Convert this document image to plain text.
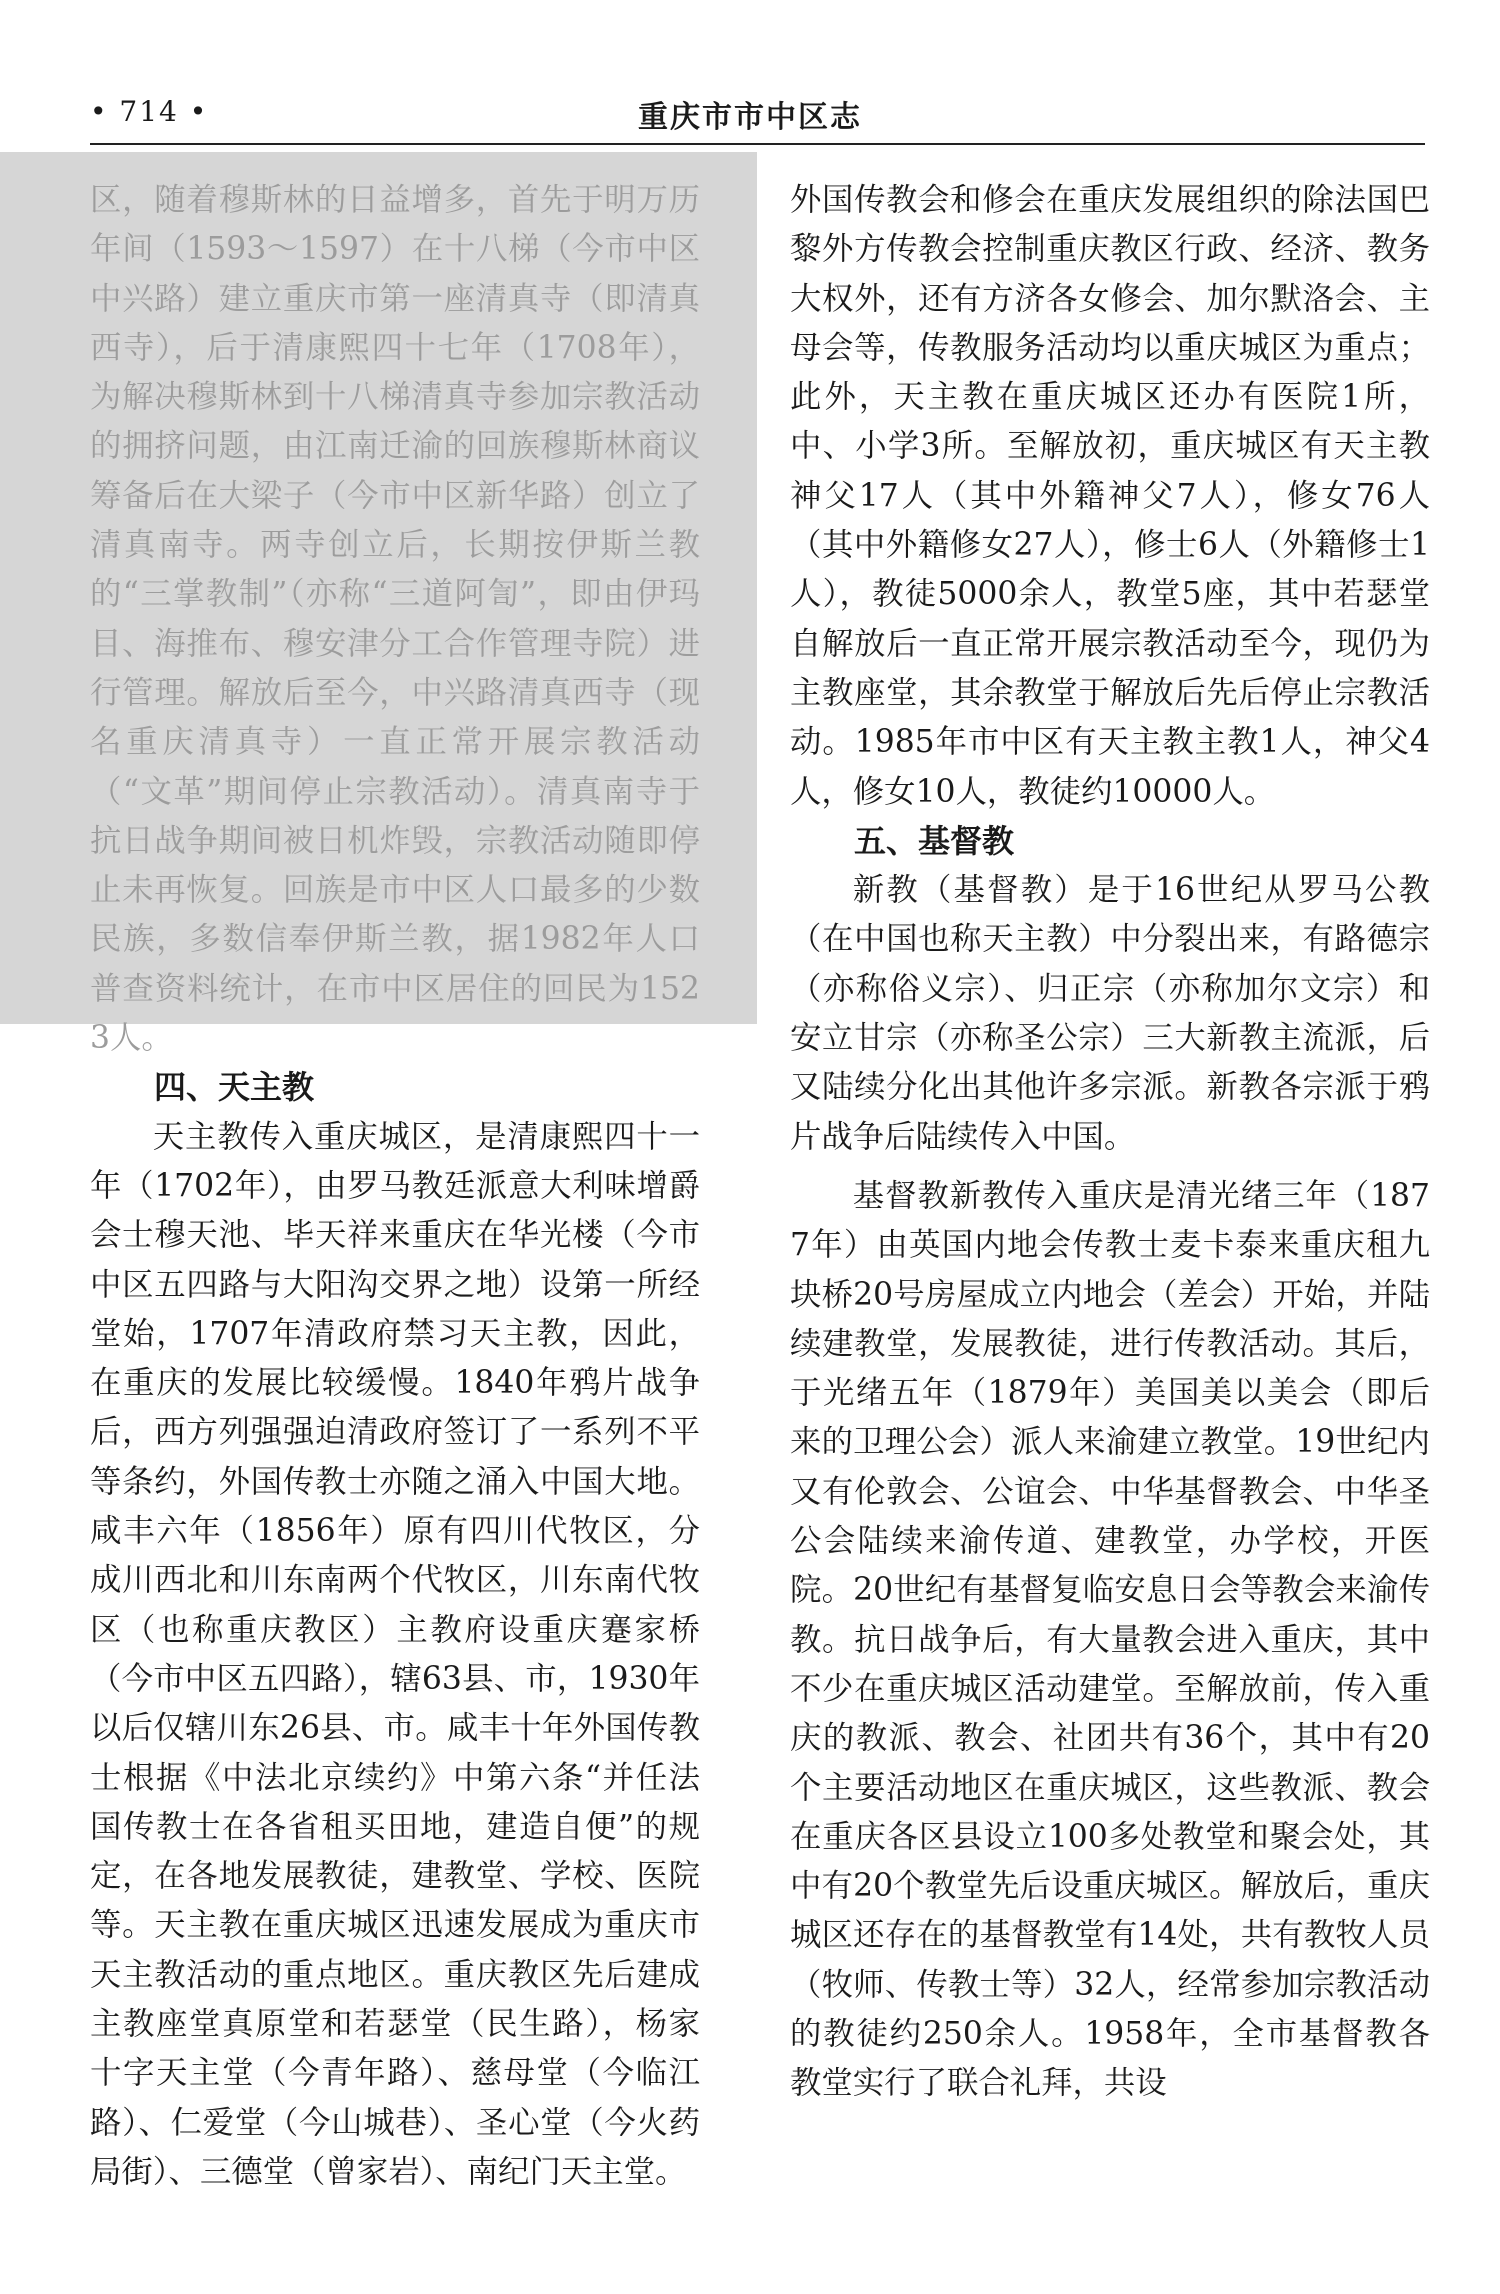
• 714 •	重庆市市中区志

区，随着穆斯林的日益增多，首先于明万历年间（1593～1597）在十八梯（今市中区中兴路）建立重庆市第一座清真寺（即清真西寺），后于清康熙四十七年（1708年），为解决穆斯林到十八梯清真寺参加宗教活动的拥挤问题，由江南迁渝的回族穆斯林商议筹备后在大梁子（今市中区新华路）创立了清真南寺。两寺创立后，长期按伊斯兰教的“三掌教制”（亦称“三道阿訇”，即由伊玛目、海推布、穆安津分工合作管理寺院）进行管理。解放后至今，中兴路清真西寺（现名重庆清真寺）一直正常开展宗教活动（“文革”期间停止宗教活动）。清真南寺于抗日战争期间被日机炸毁，宗教活动随即停止未再恢复。回族是市中区人口最多的少数民族，多数信奉伊斯兰教，据1982年人口普查资料统计，在市中区居住的回民为1523人。

四、天主教

天主教传入重庆城区，是清康熙四十一年（1702年），由罗马教廷派意大利味增爵会士穆天池、毕天祥来重庆在华光楼（今市中区五四路与大阳沟交界之地）设第一所经堂始，1707年清政府禁习天主教，因此，在重庆的发展比较缓慢。1840年鸦片战争后，西方列强强迫清政府签订了一系列不平等条约，外国传教士亦随之涌入中国大地。咸丰六年（1856年）原有四川代牧区，分成川西北和川东南两个代牧区，川东南代牧区（也称重庆教区）主教府设重庆蹇家桥（今市中区五四路），辖63县、市，1930年以后仅辖川东26县、市。咸丰十年外国传教士根据《中法北京续约》中第六条“并任法国传教士在各省租买田地，建造自便”的规定，在各地发展教徒，建教堂、学校、医院等。天主教在重庆城区迅速发展成为重庆市天主教活动的重点地区。重庆教区先后建成主教座堂真原堂和若瑟堂（民生路），杨家十字天主堂（今青年路）、慈母堂（今临江路）、仁爱堂（今山城巷）、圣心堂（今火药局街）、三德堂（曾家岩）、南纪门天主堂。

外国传教会和修会在重庆发展组织的除法国巴黎外方传教会控制重庆教区行政、经济、教务大权外，还有方济各女修会、加尔默洛会、主母会等，传教服务活动均以重庆城区为重点；此外，天主教在重庆城区还办有医院1所，中、小学3所。至解放初，重庆城区有天主教神父17人（其中外籍神父7人），修女76人（其中外籍修女27人），修士6人（外籍修士1人），教徒5000余人，教堂5座，其中若瑟堂自解放后一直正常开展宗教活动至今，现仍为主教座堂，其余教堂于解放后先后停止宗教活动。1985年市中区有天主教主教1人，神父4人，修女10人，教徒约10000人。

五、基督教

新教（基督教）是于16世纪从罗马公教（在中国也称天主教）中分裂出来，有路德宗（亦称俗义宗）、归正宗（亦称加尔文宗）和安立甘宗（亦称圣公宗）三大新教主流派，后又陆续分化出其他许多宗派。新教各宗派于鸦片战争后陆续传入中国。

基督教新教传入重庆是清光绪三年（1877年）由英国内地会传教士麦卡泰来重庆租九块桥20号房屋成立内地会（差会）开始，并陆续建教堂，发展教徒，进行传教活动。其后，于光绪五年（1879年）美国美以美会（即后来的卫理公会）派人来渝建立教堂。19世纪内又有伦敦会、公谊会、中华基督教会、中华圣公会陆续来渝传道、建教堂，办学校，开医院。20世纪有基督复临安息日会等教会来渝传教。抗日战争后，有大量教会进入重庆，其中不少在重庆城区活动建堂。至解放前，传入重庆的教派、教会、社团共有36个，其中有20个主要活动地区在重庆城区，这些教派、教会在重庆各区县设立100多处教堂和聚会处，其中有20个教堂先后设重庆城区。解放后，重庆城区还存在的基督教堂有14处，共有教牧人员（牧师、传教士等）32人，经常参加宗教活动的教徒约250余人。1958年，全市基督教各教堂实行了联合礼拜，共设
